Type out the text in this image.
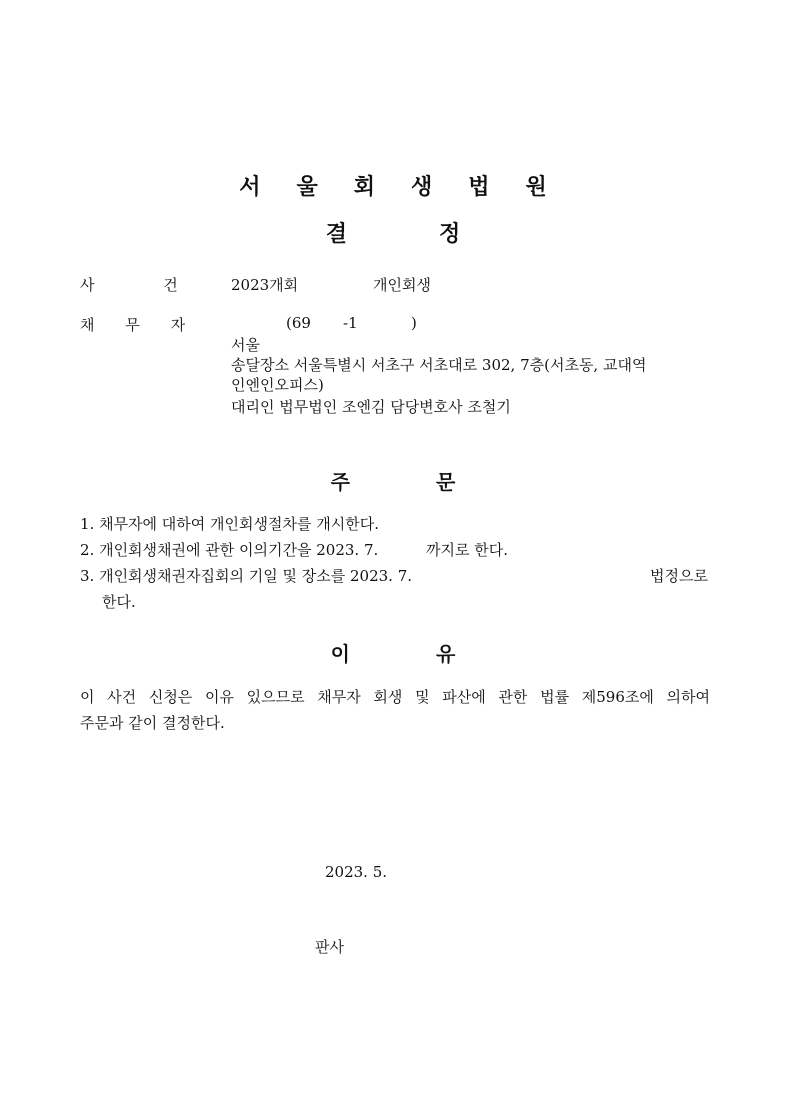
서 울 회 생 법 원
결	정
사	건	2023개회	개인회생
채 무 자	(69 -1	)
서울
송달장소 서울특별시 서초구 서초대로 302, 7층(서초동, 교대역
인엔인오피스)
대리인 법무법인 조엔김 담당변호사 조철기
주	문
1. 채무자에 대하여 개인회생절차를 개시한다.
2. 개인회생채권에 관한 이의기간을 2023. 7.	까지로 한다.
3. 개인회생채권자집회의 기일 및 장소를 2023. 7.	법정으로
한다.
이	유
이 사건 신청은 이유 있으므로 채무자 회생 및 파산에 관한 법률 제596조에 의하여
주문과 같이 결정한다.
2023. 5.
판사
